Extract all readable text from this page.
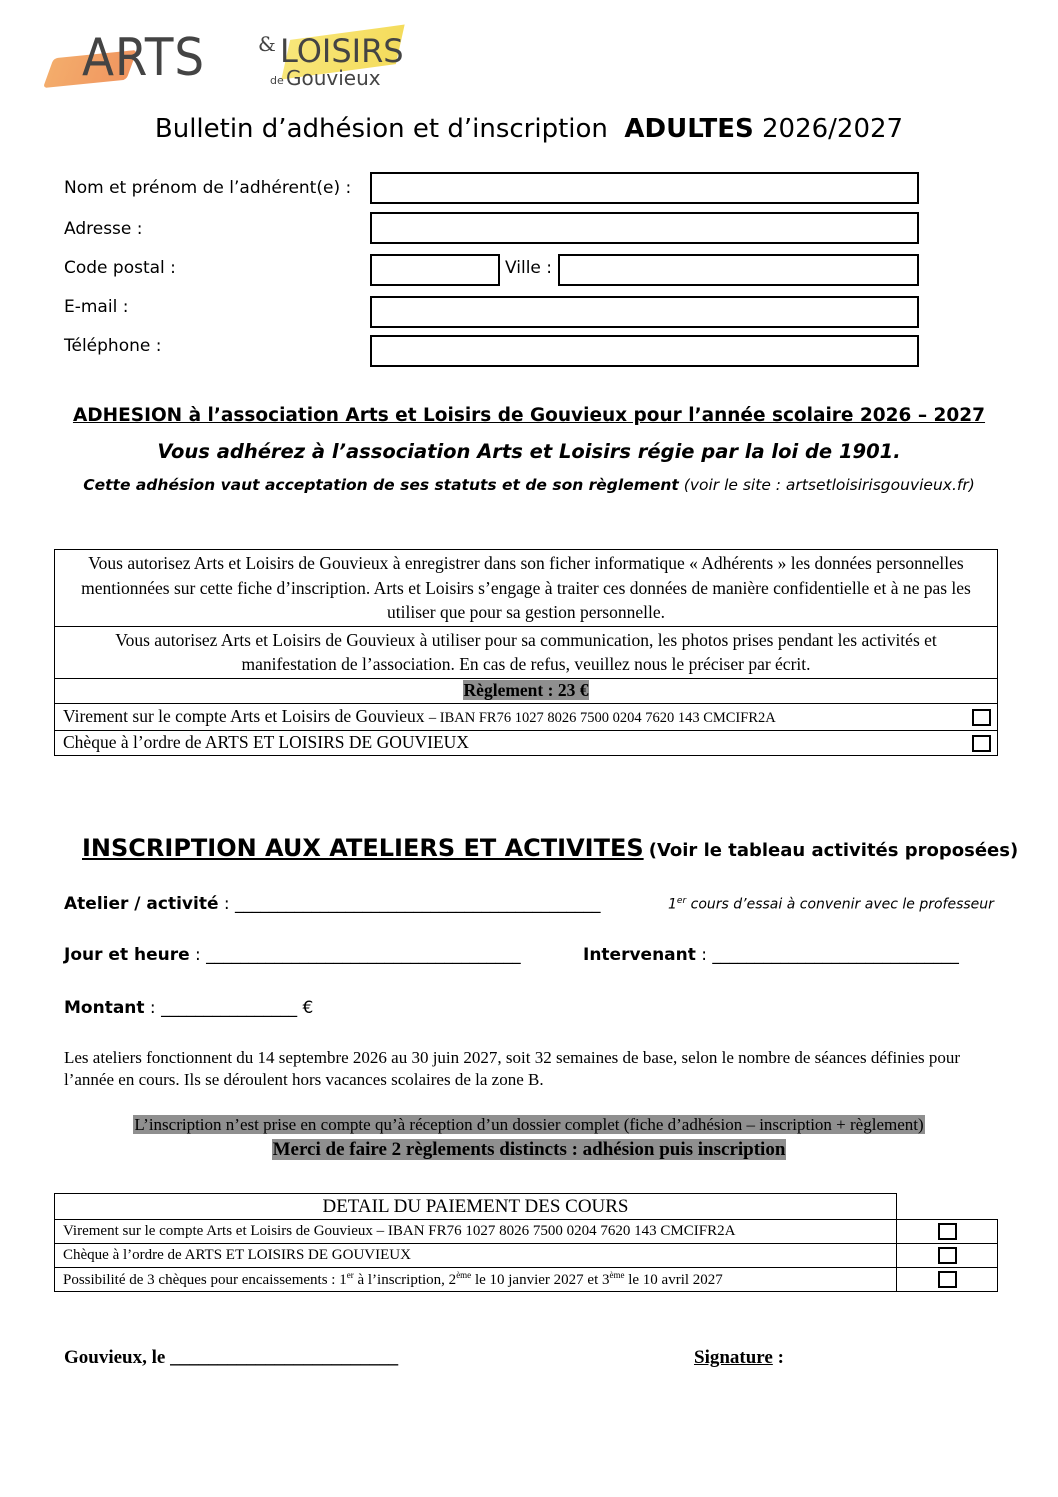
ARTS	& LOISIRS
de Gouvieux
Bulletin d’adhésion et d’inscription ADULTES 2026/2027
Nom et prénom de l’adhérent(e) :
Adresse :
Code postal :	Ville :
E-mail :
Téléphone :
ADHESION à l’association Arts et Loisirs de Gouvieux pour l’année scolaire 2026 – 2027
Vous adhérez à l’association Arts et Loisirs régie par la loi de 1901.
Cette adhésion vaut acceptation de ses statuts et de son règlement (voir le site : artsetloisirisgouvieux.fr)
Vous autorisez Arts et Loisirs de Gouvieux à enregistrer dans son ficher informatique « Adhérents » les données personnelles mentionnées sur cette fiche d’inscription. Arts et Loisirs s’engage à traiter ces données de manière confidentielle et à ne pas les utiliser que pour sa gestion personnelle.	
Vous autorisez Arts et Loisirs de Gouvieux à utiliser pour sa communication, les photos prises pendant les activités et manifestation de l’association. En cas de refus, veuillez nous le préciser par écrit.	
Règlement : 23 €	
Virement sur le compte Arts et Loisirs de Gouvieux – IBAN FR76 1027 8026 7500 0204 7620 143 CMCIFR2A	
Chèque à l’ordre de ARTS ET LOISIRS DE GOUVIEUX	
INSCRIPTION AUX ATELIERS ET ACTIVITES (Voir le tableau activités proposées)
Atelier / activité : ___________________________________________	1er cours d’essai à convenir avec le professeur
Jour et heure : _____________________________________	Intervenant : _____________________________
Montant : ________________ €
Les ateliers fonctionnent du 14 septembre 2026 au 30 juin 2027, soit 32 semaines de base, selon le nombre de séances définies pour l’année en cours. Ils se déroulent hors vacances scolaires de la zone B.
L’inscription n’est prise en compte qu’à réception d’un dossier complet (fiche d’adhésion – inscription + règlement)
Merci de faire 2 règlements distincts : adhésion puis inscription
DETAIL DU PAIEMENT DES COURS	
Virement sur le compte Arts et Loisirs de Gouvieux – IBAN FR76 1027 8026 7500 0204 7620 143 CMCIFR2A	
Chèque à l’ordre de ARTS ET LOISIRS DE GOUVIEUX	
Possibilité de 3 chèques pour encaissements : 1er à l’inscription, 2ème le 10 janvier 2027 et 3ème le 10 avril 2027	
Gouvieux, le ________________________	Signature :
